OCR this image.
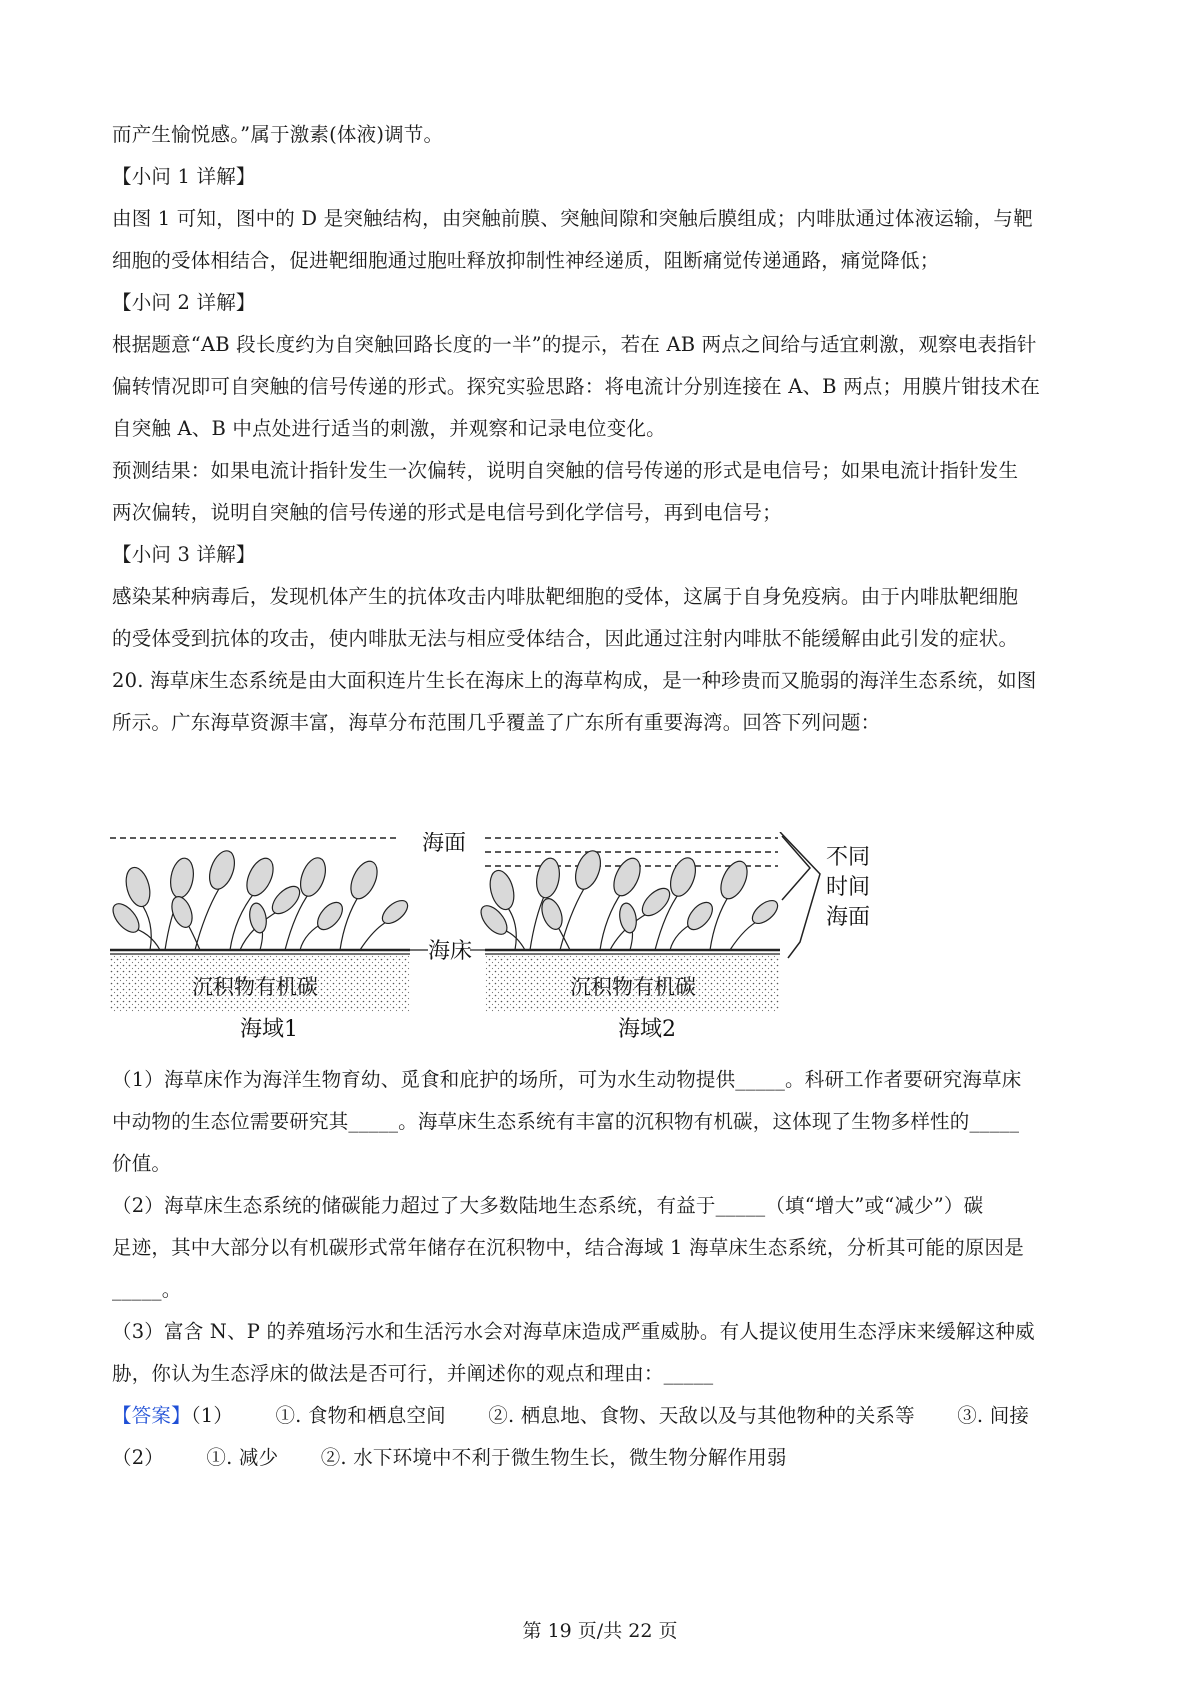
而产生愉悦感。”属于激素(体液)调节。
【小问 1 详解】
由图 1 可知，图中的 D 是突触结构，由突触前膜、突触间隙和突触后膜组成；内啡肽通过体液运输，与靶
细胞的受体相结合，促进靶细胞通过胞吐释放抑制性神经递质，阻断痛觉传递通路，痛觉降低；
【小问 2 详解】
根据题意“AB 段长度约为自突触回路长度的一半”的提示，若在 AB 两点之间给与适宜刺激，观察电表指针
偏转情况即可自突触的信号传递的形式。探究实验思路：将电流计分别连接在 A、B 两点；用膜片钳技术在
自突触 A、B 中点处进行适当的刺激，并观察和记录电位变化。
预测结果：如果电流计指针发生一次偏转，说明自突触的信号传递的形式是电信号；如果电流计指针发生
两次偏转，说明自突触的信号传递的形式是电信号到化学信号，再到电信号；
【小问 3 详解】
感染某种病毒后，发现机体产生的抗体攻击内啡肽靶细胞的受体，这属于自身免疫病。由于内啡肽靶细胞
的受体受到抗体的攻击，使内啡肽无法与相应受体结合，因此通过注射内啡肽不能缓解由此引发的症状。
20. 海草床生态系统是由大面积连片生长在海床上的海草构成，是一种珍贵而又脆弱的海洋生态系统，如图
所示。广东海草资源丰富，海草分布范围几乎覆盖了广东所有重要海湾。回答下列问题：
海面
不同
时间
海面
海床
沉积物有机碳	沉积物有机碳
海域1	海域2
（1）海草床作为海洋生物育幼、觅食和庇护的场所，可为水生动物提供_____。科研工作者要研究海草床
中动物的生态位需要研究其_____。海草床生态系统有丰富的沉积物有机碳，这体现了生物多样性的_____
价值。
（2）海草床生态系统的储碳能力超过了大多数陆地生态系统，有益于_____（填“增大”或“减少”）碳
足迹，其中大部分以有机碳形式常年储存在沉积物中，结合海域 1 海草床生态系统，分析其可能的原因是
_____。
（3）富含 N、P 的养殖场污水和生活污水会对海草床造成严重威胁。有人提议使用生态浮床来缓解这种威
胁，你认为生态浮床的做法是否可行，并阐述你的观点和理由：_____
【答案】（1） ①. 食物和栖息空间 ②. 栖息地、食物、天敌以及与其他物种的关系等 ③. 间接
（2） ①. 减少 ②. 水下环境中不利于微生物生长，微生物分解作用弱
第 19 页/共 22 页
